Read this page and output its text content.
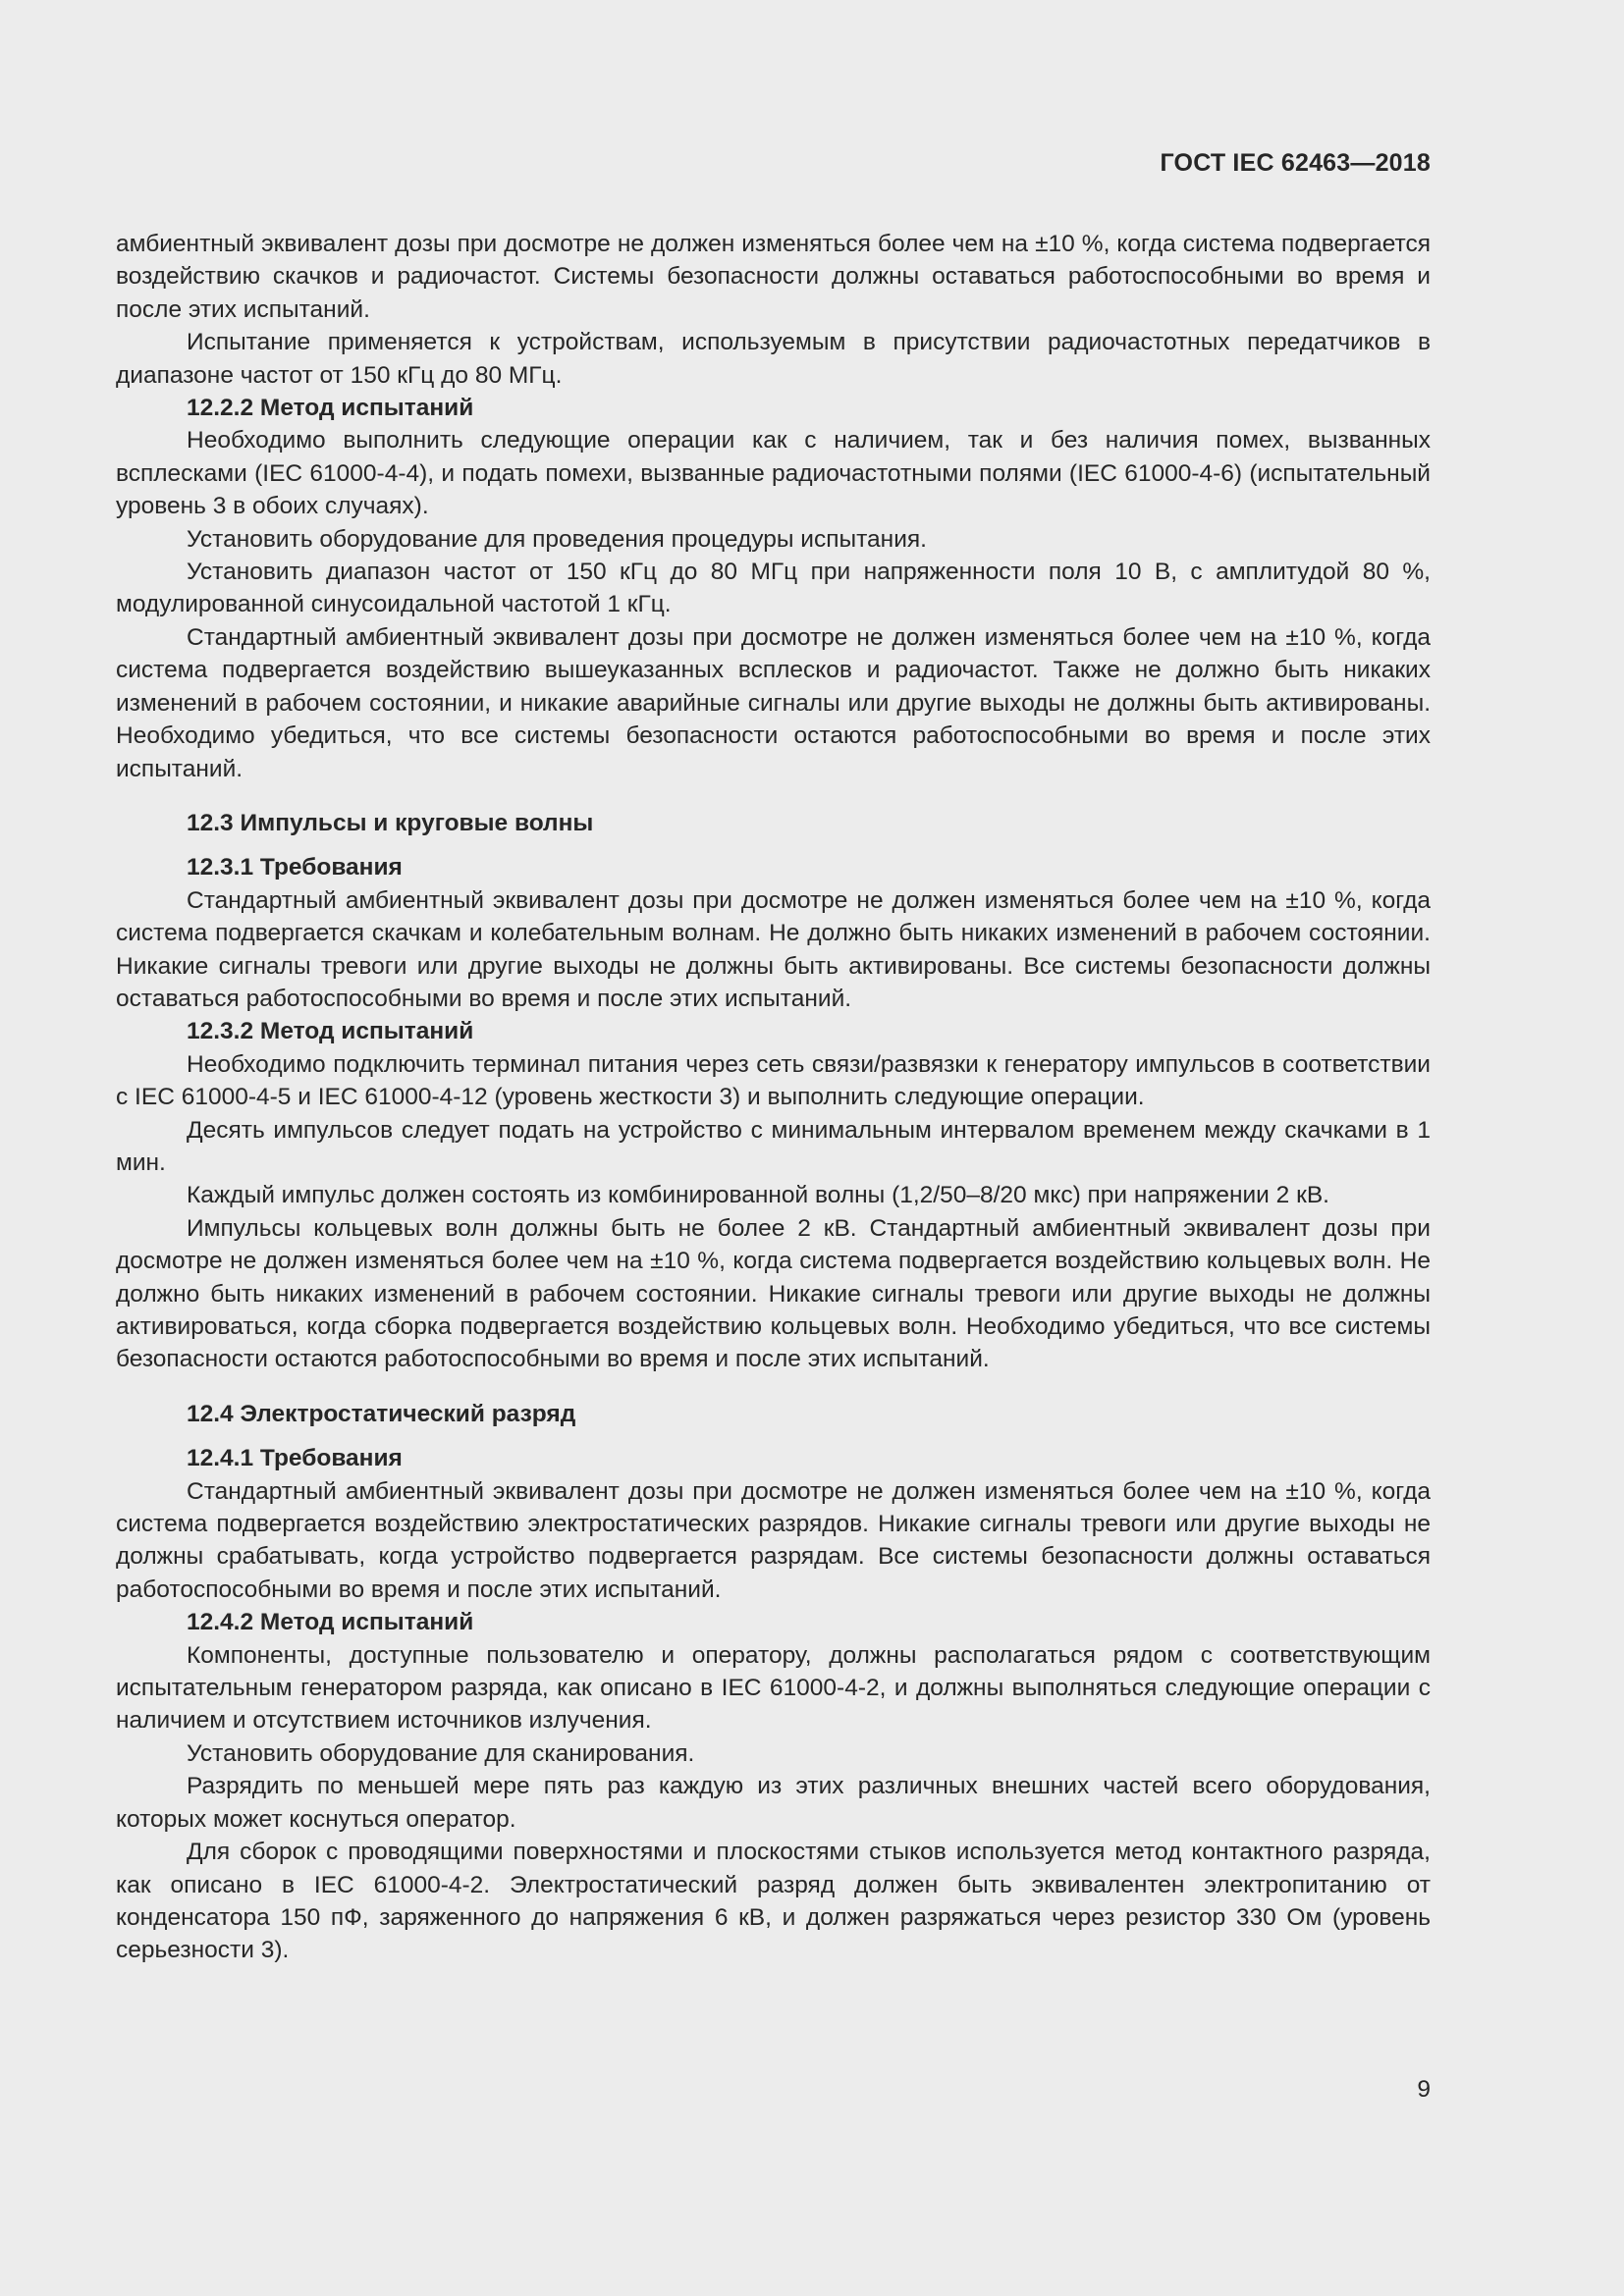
ГОСТ IEC 62463—2018

амбиентный эквивалент дозы при досмотре не должен изменяться более чем на ±10 %, когда система подвергается воздействию скачков и радиочастот. Системы безопасности должны оставаться работоспособными во время и после этих испытаний.

Испытание применяется к устройствам, используемым в присутствии радиочастотных передатчиков в диапазоне частот от 150 кГц до 80 МГц.

12.2.2 Метод испытаний

Необходимо выполнить следующие операции как с наличием, так и без наличия помех, вызванных всплесками (IEC 61000-4-4), и подать помехи, вызванные радиочастотными полями (IEC 61000-4-6) (испытательный уровень 3 в обоих случаях).

Установить оборудование для проведения процедуры испытания.

Установить диапазон частот от 150 кГц до 80 МГц при напряженности поля 10 В, с амплитудой 80 %, модулированной синусоидальной частотой 1 кГц.

Стандартный амбиентный эквивалент дозы при досмотре не должен изменяться более чем на ±10 %, когда система подвергается воздействию вышеуказанных всплесков и радиочастот. Также не должно быть никаких изменений в рабочем состоянии, и никакие аварийные сигналы или другие выходы не должны быть активированы. Необходимо убедиться, что все системы безопасности остаются работоспособными во время и после этих испытаний.

12.3 Импульсы и круговые волны

12.3.1 Требования

Стандартный амбиентный эквивалент дозы при досмотре не должен изменяться более чем на ±10 %, когда система подвергается скачкам и колебательным волнам. Не должно быть никаких изменений в рабочем состоянии. Никакие сигналы тревоги или другие выходы не должны быть активированы. Все системы безопасности должны оставаться работоспособными во время и после этих испытаний.

12.3.2 Метод испытаний

Необходимо подключить терминал питания через сеть связи/развязки к генератору импульсов в соответствии с IEC 61000-4-5 и IEC 61000-4-12 (уровень жесткости 3) и выполнить следующие операции.

Десять импульсов следует подать на устройство с минимальным интервалом временем между скачками в 1 мин.

Каждый импульс должен состоять из комбинированной волны (1,2/50–8/20 мкс) при напряжении 2 кВ.

Импульсы кольцевых волн должны быть не более 2 кВ. Стандартный амбиентный эквивалент дозы при досмотре не должен изменяться более чем на ±10 %, когда система подвергается воздействию кольцевых волн. Не должно быть никаких изменений в рабочем состоянии. Никакие сигналы тревоги или другие выходы не должны активироваться, когда сборка подвергается воздействию кольцевых волн. Необходимо убедиться, что все системы безопасности остаются работоспособными во время и после этих испытаний.

12.4 Электростатический разряд

12.4.1 Требования

Стандартный амбиентный эквивалент дозы при досмотре не должен изменяться более чем на ±10 %, когда система подвергается воздействию электростатических разрядов. Никакие сигналы тревоги или другие выходы не должны срабатывать, когда устройство подвергается разрядам. Все системы безопасности должны оставаться работоспособными во время и после этих испытаний.

12.4.2 Метод испытаний

Компоненты, доступные пользователю и оператору, должны располагаться рядом с соответствующим испытательным генератором разряда, как описано в IEC 61000-4-2, и должны выполняться следующие операции с наличием и отсутствием источников излучения.

Установить оборудование для сканирования.

Разрядить по меньшей мере пять раз каждую из этих различных внешних частей всего оборудования, которых может коснуться оператор.

Для сборок с проводящими поверхностями и плоскостями стыков используется метод контактного разряда, как описано в IEC 61000-4-2. Электростатический разряд должен быть эквивалентен электропитанию от конденсатора 150 пФ, заряженного до напряжения 6 кВ, и должен разряжаться через резистор 330 Ом (уровень серьезности 3).

9
